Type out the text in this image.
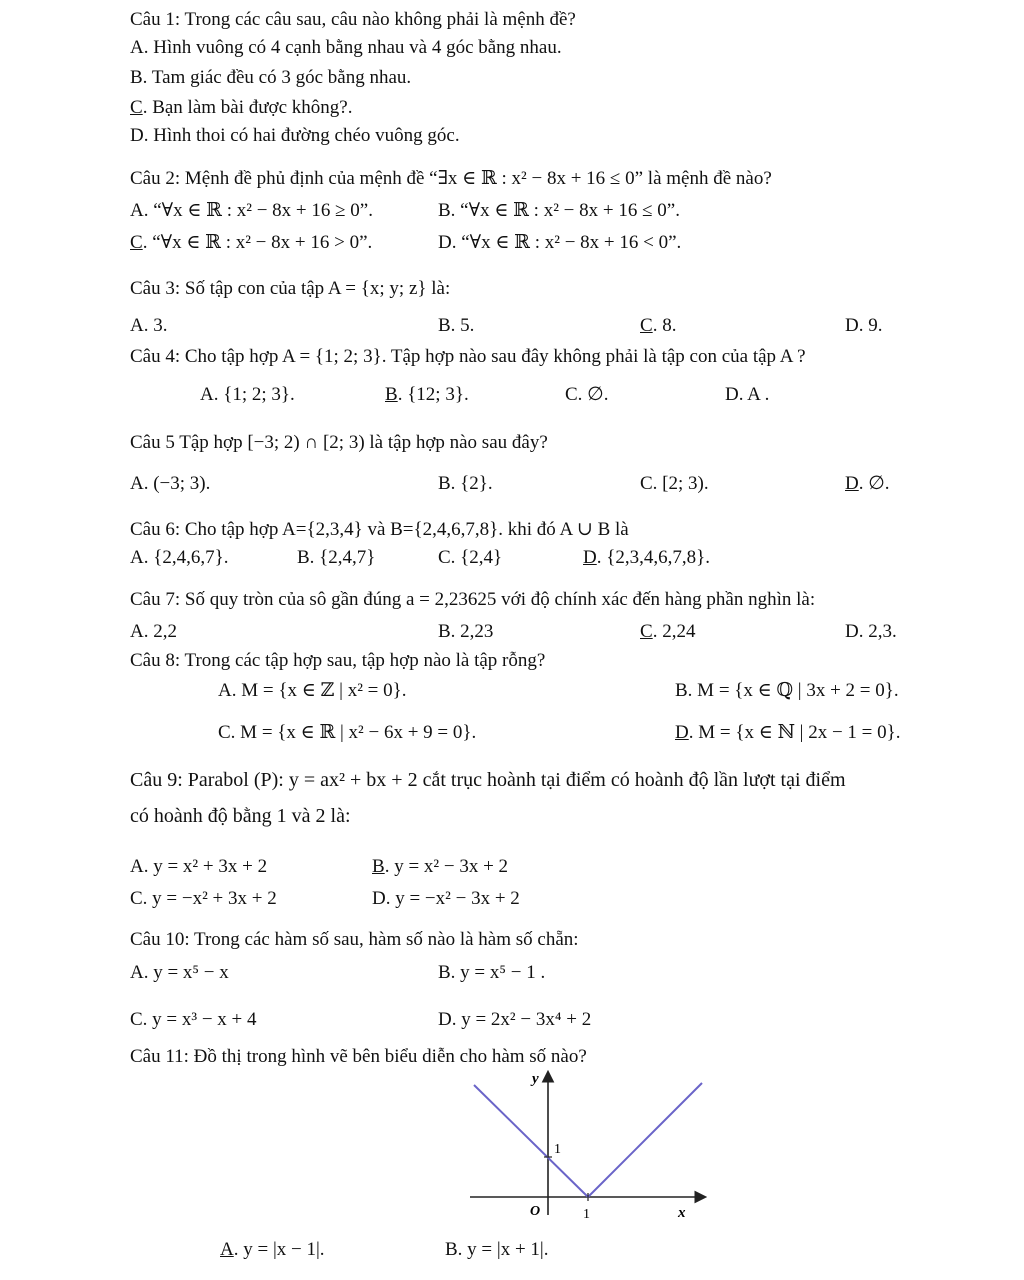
Câu 1: Trong các câu sau, câu nào không phải là mệnh đề?
A. Hình vuông có 4 cạnh bằng nhau và 4 góc bằng nhau.
B. Tam giác đều có 3 góc bằng nhau.
C. Bạn làm bài được không?.
D. Hình thoi có hai đường chéo vuông góc.
Câu 2: Mệnh đề phủ định của mệnh đề “∃x ∈ ℝ : x² − 8x + 16 ≤ 0” là mệnh đề nào?
A. “∀x ∈ ℝ : x² − 8x + 16 ≥ 0”.	B. “∀x ∈ ℝ : x² − 8x + 16 ≤ 0”.
C. “∀x ∈ ℝ : x² − 8x + 16 > 0”.	D. “∀x ∈ ℝ : x² − 8x + 16 < 0”.
Câu 3: Số tập con của tập A = {x; y; z} là:
A. 3.	B. 5.	C. 8.	D. 9.
Câu 4: Cho tập hợp A = {1; 2; 3}. Tập hợp nào sau đây không phải là tập con của tập A ?
A. {1; 2; 3}.	B. {12; 3}.	C. ∅.	D. A .
Câu 5 Tập hợp [−3; 2) ∩ [2; 3) là tập hợp nào sau đây?
A. (−3; 3).	B. {2}.	C. [2; 3).	D. ∅.
Câu 6: Cho tập hợp A={2,3,4} và B={2,4,6,7,8}. khi đó A ∪ B là
A. {2,4,6,7}.	B. {2,4,7}	C. {2,4}	D. {2,3,4,6,7,8}.
Câu 7: Số quy tròn của sô gần đúng a = 2,23625 với độ chính xác đến hàng phần nghìn là:
A. 2,2	B. 2,23	C. 2,24	D. 2,3.
Câu 8: Trong các tập hợp sau, tập hợp nào là tập rỗng?
A. M = {x ∈ ℤ | x² = 0}.	B. M = {x ∈ ℚ | 3x + 2 = 0}.
C. M = {x ∈ ℝ | x² − 6x + 9 = 0}.	D. M = {x ∈ ℕ | 2x − 1 = 0}.
Câu 9: Parabol (P): y = ax² + bx + 2 cắt trục hoành tại điểm có hoành độ lần lượt tại điểm
có hoành độ bằng 1 và 2 là:
A. y = x² + 3x + 2	B. y = x² − 3x + 2
C. y = −x² + 3x + 2	D. y = −x² − 3x + 2
Câu 10: Trong các hàm số sau, hàm số nào là hàm số chẵn:
A. y = x⁵ − x	B. y = x⁵ − 1 .
C. y = x³ − x + 4	D. y = 2x² − 3x⁴ + 2
Câu 11: Đồ thị trong hình vẽ bên biểu diễn cho hàm số nào?
y
x
O
1
1
A. y = |x − 1|.	B. y = |x + 1|.
